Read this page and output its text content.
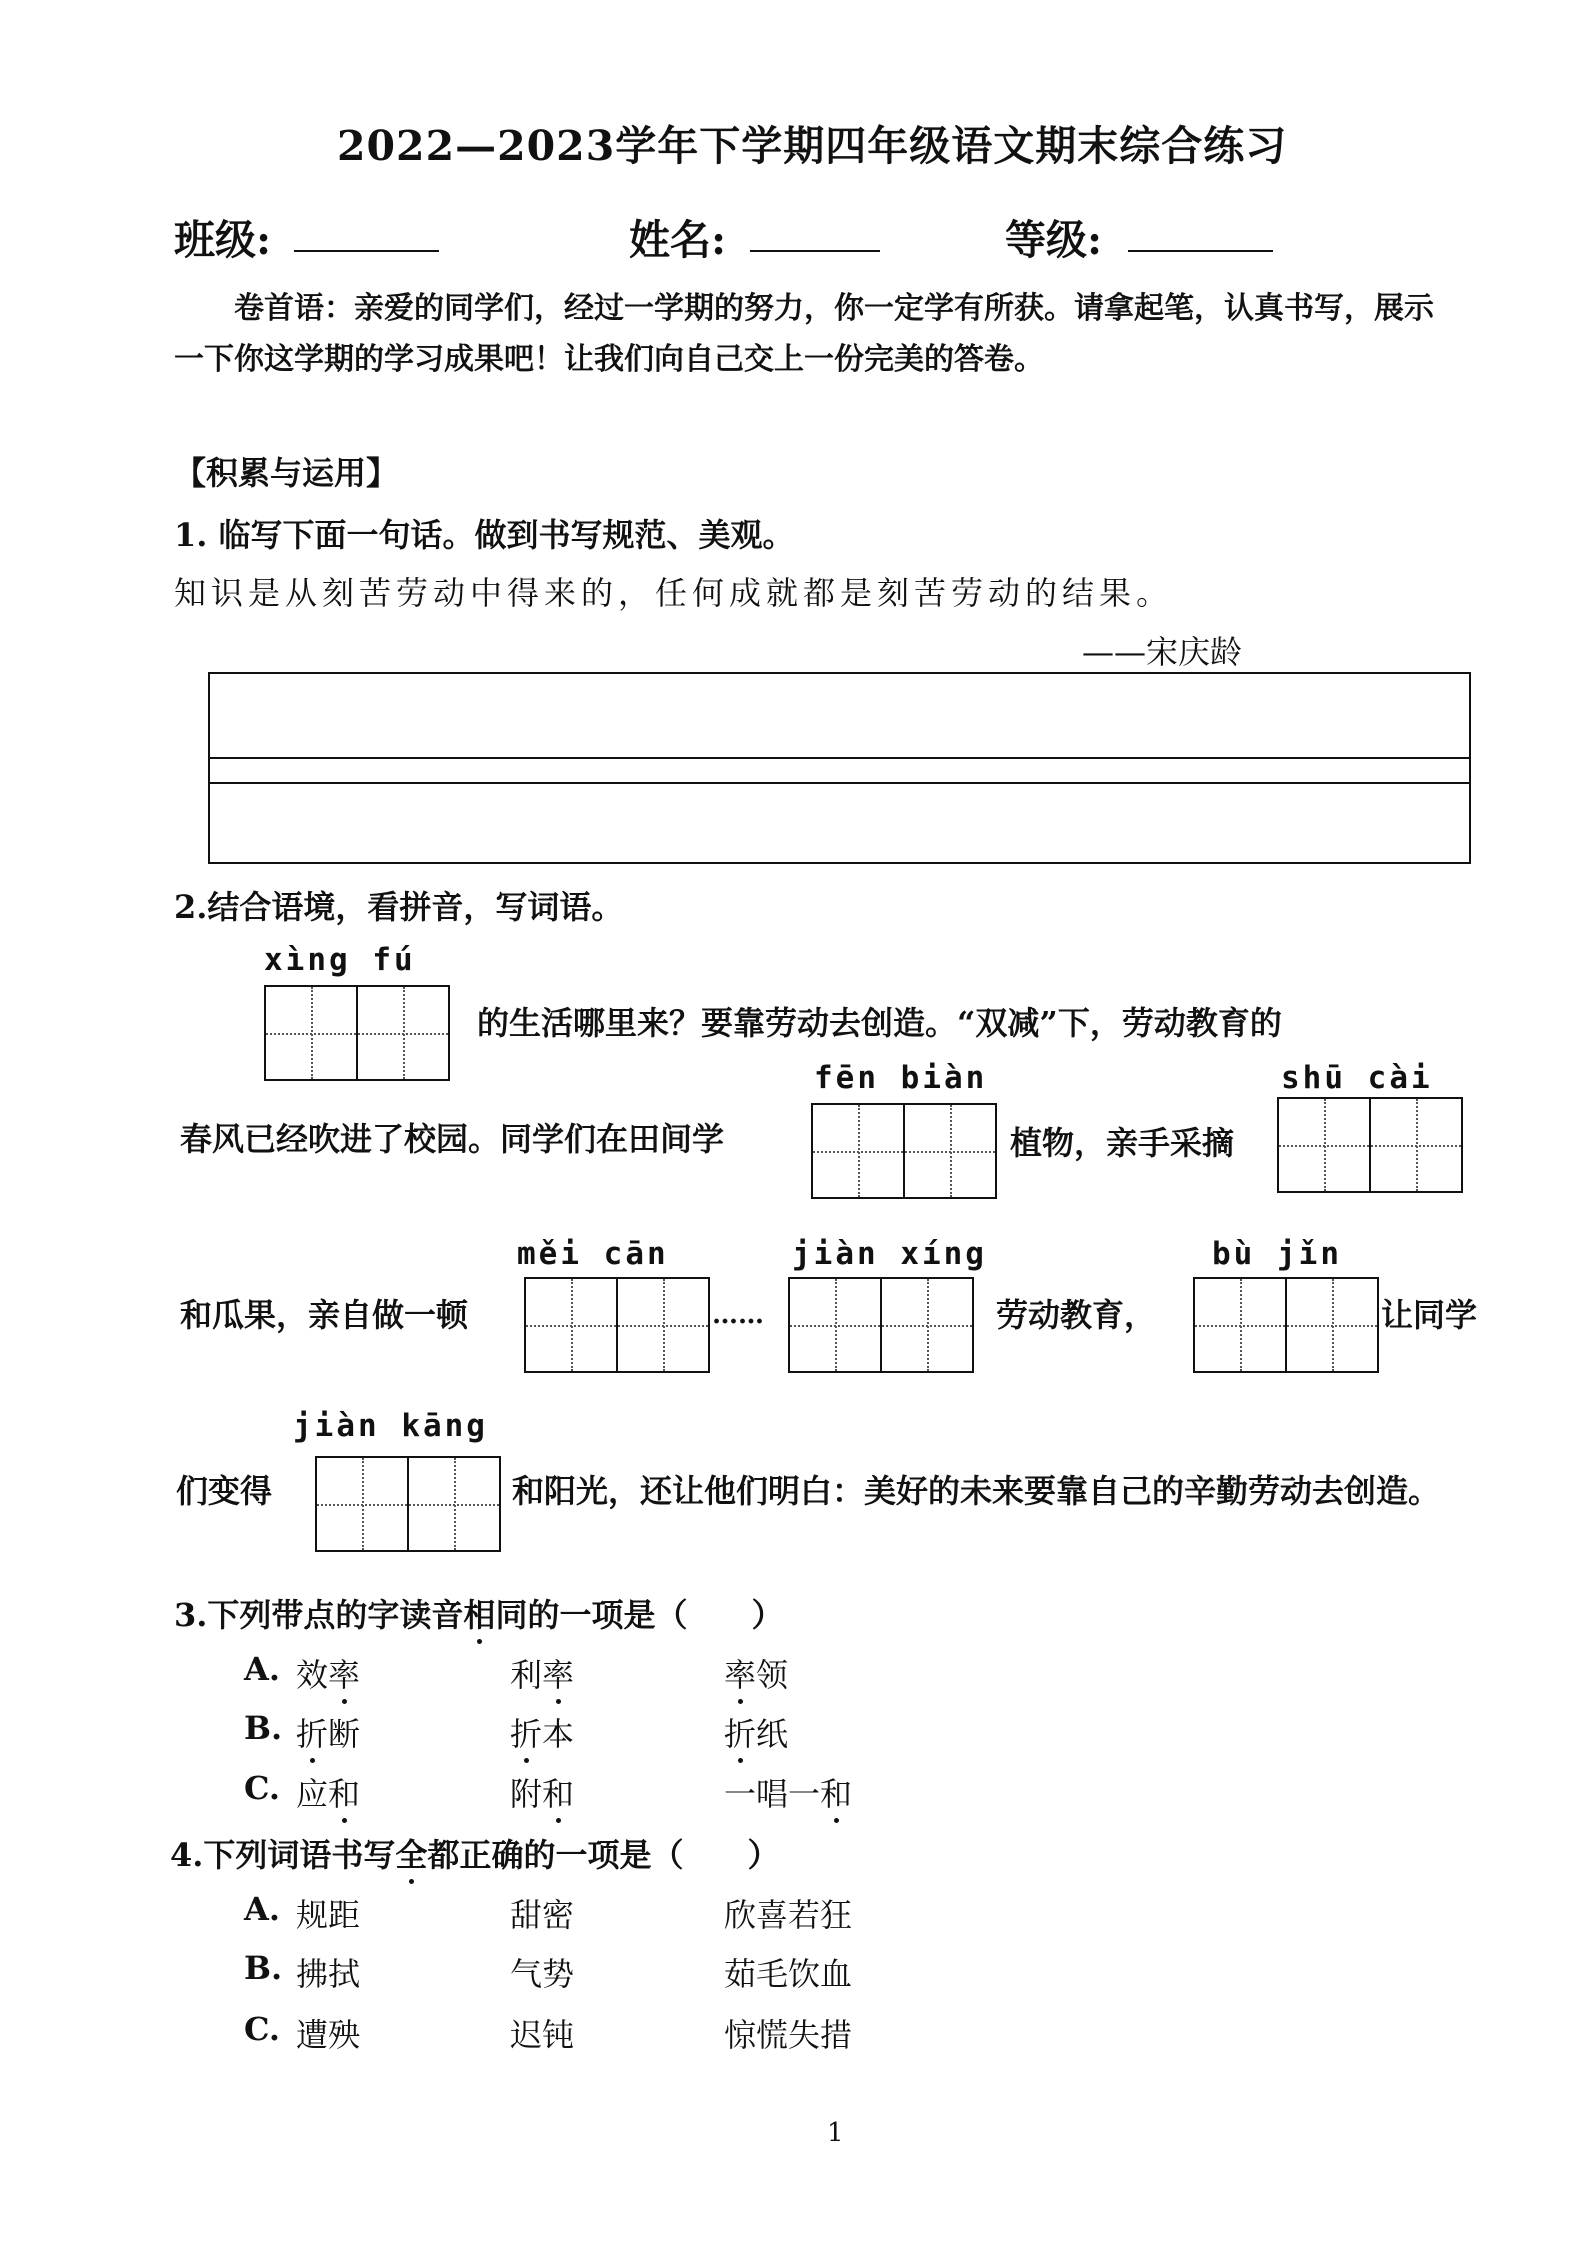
2022—2023学年下学期四年级语文期末综合练习
班级:	姓名:	等级:
卷首语：亲爱的同学们，经过一学期的努力，你一定学有所获。请拿起笔，认真书写，展示
一下你这学期的学习成果吧！让我们向自己交上一份完美的答卷。
【积累与运用】
1. 临写下面一句话。做到书写规范、美观。
知识是从刻苦劳动中得来的，任何成就都是刻苦劳动的结果。
——宋庆龄
2.结合语境，看拼音，写词语。
xìng fú
的生活哪里来？要靠劳动去创造。“双减”下，劳动教育的
春风已经吹进了校园。同学们在田间学
fēn biàn
植物，亲手采摘
shū cài
和瓜果，亲自做一顿
měi cān
……
jiàn xíng
劳动教育，
bù jǐn
让同学
们变得
jiàn kāng
和阳光，还让他们明白：美好的未来要靠自己的辛勤劳动去创造。
3.下列带点的字读音相同的一项是（　　）
A. 效率	利率	率领
B. 折断	折本	折纸
C. 应和	附和	一唱一和
4.下列词语书写全都正确的一项是（　　）
A. 规距	甜密	欣喜若狂
B. 拂拭	气势	茹毛饮血
C. 遭殃	迟钝	惊慌失措
1
